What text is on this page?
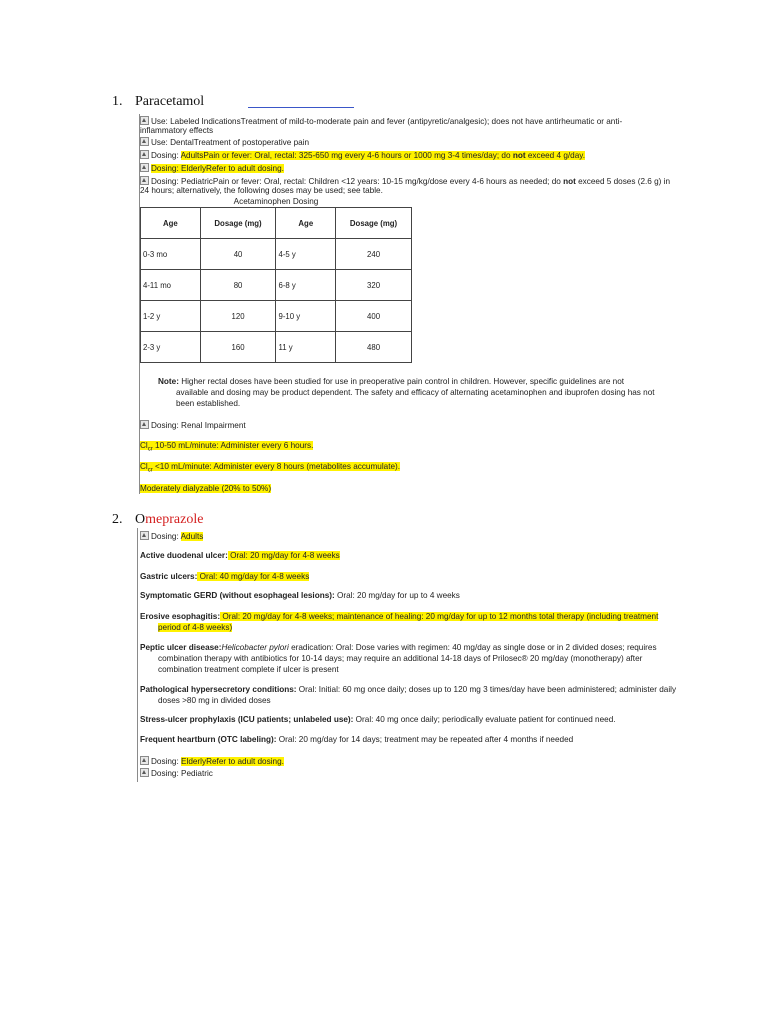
1. Paracetamol
Use: Labeled IndicationsTreatment of mild-to-moderate pain and fever (antipyretic/analgesic); does not have antirheumatic or anti-
inflammatory effects
Use: DentalTreatment of postoperative pain
Dosing: AdultsPain or fever: Oral, rectal: 325-650 mg every 4-6 hours or 1000 mg 3-4 times/day; do not exceed 4 g/day.
Dosing: ElderlyRefer to adult dosing.
Dosing: PediatricPain or fever: Oral, rectal: Children <12 years: 10-15 mg/kg/dose every 4-6 hours as needed; do not exceed 5 doses (2.6 g) in
24 hours; alternatively, the following doses may be used; see table.
Acetaminophen Dosing
Age	Dosage (mg)	Age	Dosage (mg)
0-3 mo	40	4-5 y	240
4-11 mo	80	6-8 y	320
1-2 y	120	9-10 y	400
2-3 y	160	11 y	480
Note: Higher rectal doses have been studied for use in preoperative pain control in children. However, specific guidelines are not
available and dosing may be product dependent. The safety and efficacy of alternating acetaminophen and ibuprofen dosing has not
been established.
Dosing: Renal Impairment
$Cl_{cr}$ 10-50 mL/minute: Administer every 6 hours.
$Cl_{cr} <10$ mL/minute: Administer every 8 hours (metabolites accumulate).
Moderately dialyzable (20% to 50%)
2. Omeprazole
Dosing: Adults
Active duodenal ulcer: Oral: 20 mg/day for 4-8 weeks
Gastric ulcers: Oral: 40 mg/day for 4-8 weeks
Symptomatic GERD (without esophageal lesions): Oral: 20 mg/day for up to 4 weeks
Erosive esophagitis: Oral: 20 mg/day for 4-8 weeks; maintenance of healing: 20 mg/day for up to 12 months total therapy (including treatment
period of 4-8 weeks)
Peptic ulcer disease:Helicobacter pylori eradication: Oral: Dose varies with regimen: 40 mg/day as single dose or in 2 divided doses; requires
combination therapy with antibiotics for 10-14 days; may require an additional 14-18 days of Prilosec® 20 mg/day (monotherapy) after
combination treatment complete if ulcer is present
Pathological hypersecretory conditions: Oral: Initial: 60 mg once daily; doses up to 120 mg 3 times/day have been administered; administer daily
doses >80 mg in divided doses
Stress-ulcer prophylaxis (ICU patients; unlabeled use): Oral: 40 mg once daily; periodically evaluate patient for continued need.
Frequent heartburn (OTC labeling): Oral: 20 mg/day for 14 days; treatment may be repeated after 4 months if needed
Dosing: ElderlyRefer to adult dosing.
Dosing: Pediatric
